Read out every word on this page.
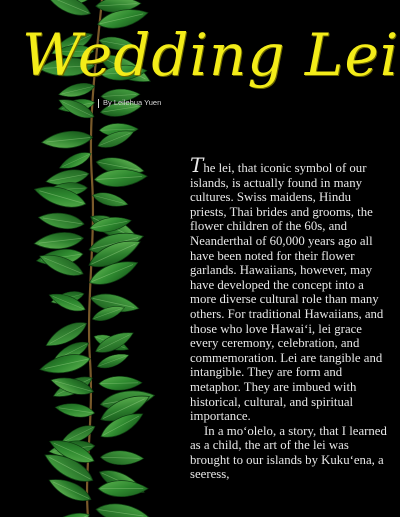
Wedding Lei
By Leilehua Yuen

The lei, that iconic symbol of our islands, is actually found in many cultures. Swiss maidens, Hindu priests, Thai brides and grooms, the flower children of the 60s, and Neanderthal of 60,000 years ago all have been noted for their flower garlands. Hawaiians, however, may have developed the concept into a more diverse cultural role than many others. For traditional Hawaiians, and those who love Hawai‘i, lei grace every ceremony, celebration, and commemoration. Lei are tangible and intangible. They are form and metaphor. They are imbued with historical, cultural, and spiritual importance.

In a mo‘olelo, a story, that I learned as a child, the art of the lei was brought to our islands by Kuku‘ena, a seeress,
